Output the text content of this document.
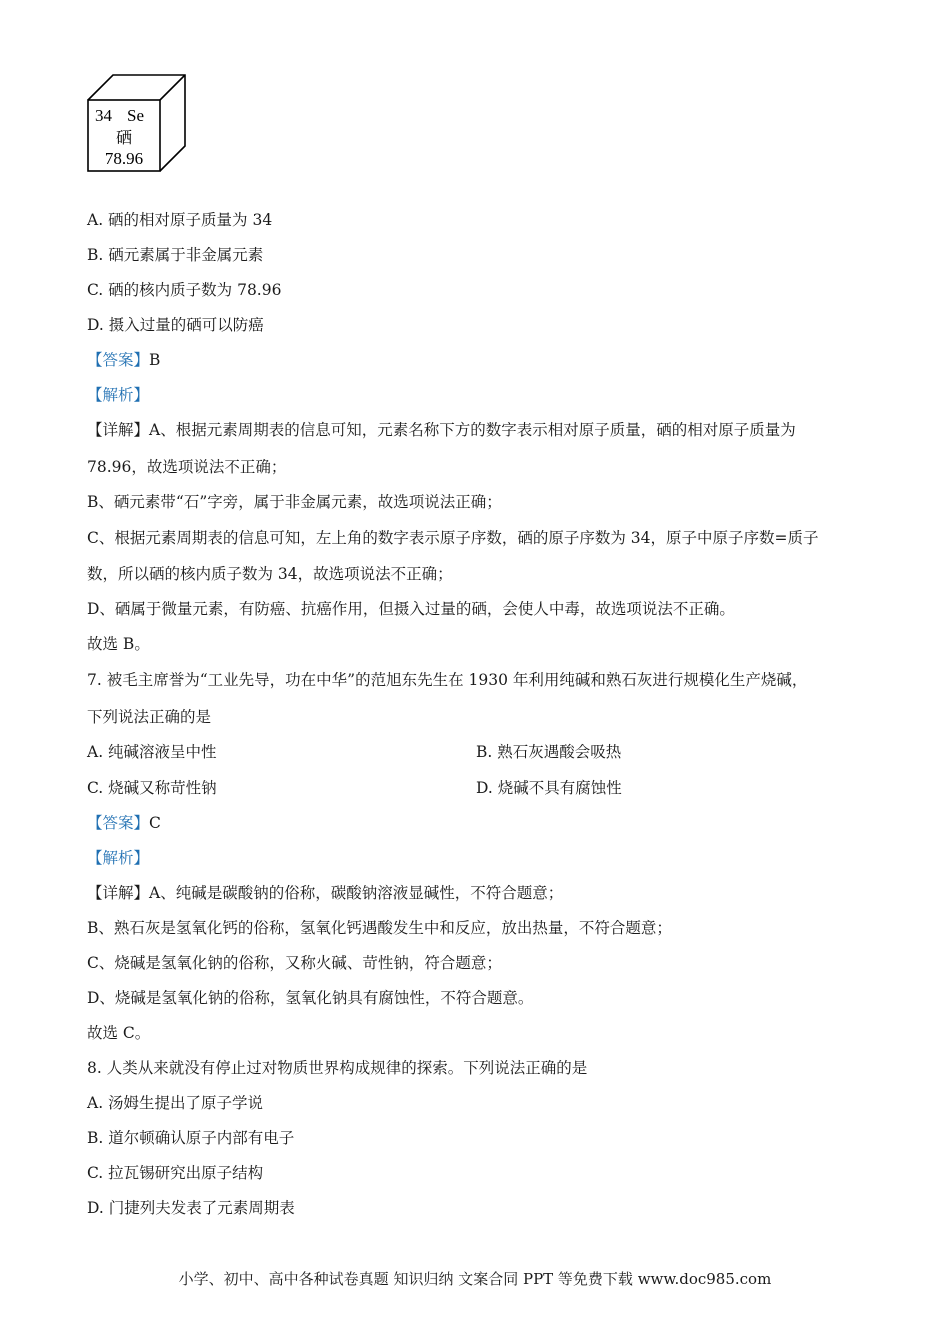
34 Se
硒
78.96
A. 硒的相对原子质量为 34
B. 硒元素属于非金属元素
C. 硒的核内质子数为 78.96
D. 摄入过量的硒可以防癌
【答案】B
【解析】
【详解】A、根据元素周期表的信息可知，元素名称下方的数字表示相对原子质量，硒的相对原子质量为
78.96，故选项说法不正确；
B、硒元素带“石”字旁，属于非金属元素，故选项说法正确；
C、根据元素周期表的信息可知，左上角的数字表示原子序数，硒的原子序数为 34，原子中原子序数=质子
数，所以硒的核内质子数为 34，故选项说法不正确；
D、硒属于微量元素，有防癌、抗癌作用，但摄入过量的硒，会使人中毒，故选项说法不正确。
故选 B。
7. 被毛主席誉为“工业先导，功在中华”的范旭东先生在 1930 年利用纯碱和熟石灰进行规模化生产烧碱，
下列说法正确的是
A. 纯碱溶液呈中性	B. 熟石灰遇酸会吸热
C. 烧碱又称苛性钠	D. 烧碱不具有腐蚀性
【答案】C
【解析】
【详解】A、纯碱是碳酸钠的俗称，碳酸钠溶液显碱性，不符合题意；
B、熟石灰是氢氧化钙的俗称，氢氧化钙遇酸发生中和反应，放出热量，不符合题意；
C、烧碱是氢氧化钠的俗称，又称火碱、苛性钠，符合题意；
D、烧碱是氢氧化钠的俗称，氢氧化钠具有腐蚀性，不符合题意。
故选 C。
8. 人类从来就没有停止过对物质世界构成规律的探索。下列说法正确的是
A. 汤姆生提出了原子学说
B. 道尔顿确认原子内部有电子
C. 拉瓦锡研究出原子结构
D. 门捷列夫发表了元素周期表
小学、初中、高中各种试卷真题 知识归纳 文案合同 PPT 等免费下载 www.doc985.com
